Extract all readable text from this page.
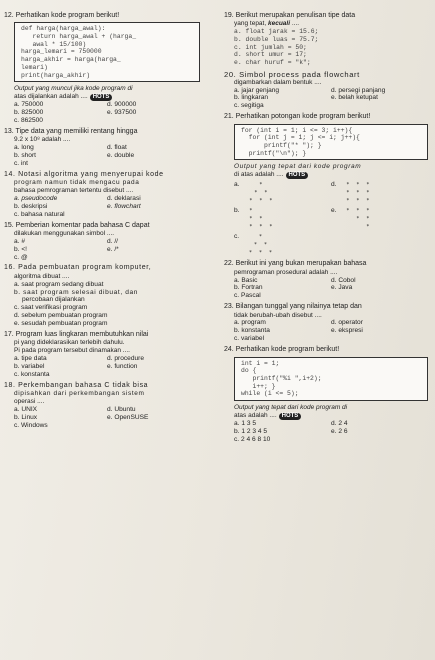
12. Perhatikan kode program berikut!
def harga(harga_awal):
return harga_awal + (harga_
awal * 15/100)
harga_lemari = 750000
harga_akhir = harga(harga_
lemari)
print(harga_akhir)
Output yang muncul jika kode program di
atas dijalankan adalah .... HOTS
a. 750000	d. 900000
b. 825000	e. 937500
c. 862500
13. Tipe data yang memiliki rentang hingga
9.2 x 10⁸ adalah ....
a. long	d. float
b. short	e. double
c. int
14. Notasi algoritma yang menyerupai kode
program namun tidak mengacu pada
bahasa pemrograman tertentu disebut ....
a. pseudocode	d. deklarasi
b. deskripsi	e. flowchart
c. bahasa natural
15. Pemberian komentar pada bahasa C dapat
dilakukan menggunakan simbol ....
a. #	d. //
b. <!	e. /*
c. @
16. Pada pembuatan program komputer,
algoritma dibuat ....
a. saat program sedang dibuat
b. saat program selesai dibuat, dan
percobaan dijalankan
c. saat verifikasi program
d. sebelum pembuatan program
e. sesudah pembuatan program
17. Program luas lingkaran membutuhkan nilai
pi yang dideklarasikan terlebih dahulu.
Pi pada program tersebut dinamakan ....
a. tipe data	d. procedure
b. variabel	e. function
c. konstanta
18. Perkembangan bahasa C tidak bisa
dipisahkan dari perkembangan sistem
operasi ....
a. UNIX	d. Ubuntu
b. Linux	e. OpenSUSE
c. Windows
19. Berikut merupakan penulisan tipe data
yang tepat, kecuali ....
a. float jarak = 15.6;
b. double luas = 75.7;
c. int jumlah = 50;
d. short umur = 17;
e. char huruf = "k";
20. Simbol process pada flowchart
digambarkan dalam bentuk ....
a. jajar genjang	d. persegi panjang
b. lingkaran	e. belah ketupat
c. segitiga
21. Perhatikan potongan kode program berikut!
for (int i = 1; i <= 3; i++){
for (int j = 1; j <= i; j++){
printf("* "); }
printf("\n"); }
Output yang tepat dari kode program
di atas adalah .... HOTS
a. *
* *
* * *
d. * * *
* * *
* * *
b. *
* *
* * *
e. * * *
* *
*
c. *
* *
* * *
22. Berikut ini yang bukan merupakan bahasa
pemrograman prosedural adalah ....
a. Basic	d. Cobol
b. Fortran	e. Java
c. Pascal
23. Bilangan tunggal yang nilainya tetap dan
tidak berubah-ubah disebut ....
a. program	d. operator
b. konstanta	e. ekspresi
c. variabel
24. Perhatikan kode program berikut!
int i = 1;
do {
printf("%i ",i+2);
i++; }
while (i <= 5);
Output yang tepat dari kode program di
atas adalah .... HOTS
a. 1 3 5	d. 2 4
b. 1 2 3 4 5	e. 2 6
c. 2 4 6 8 10
